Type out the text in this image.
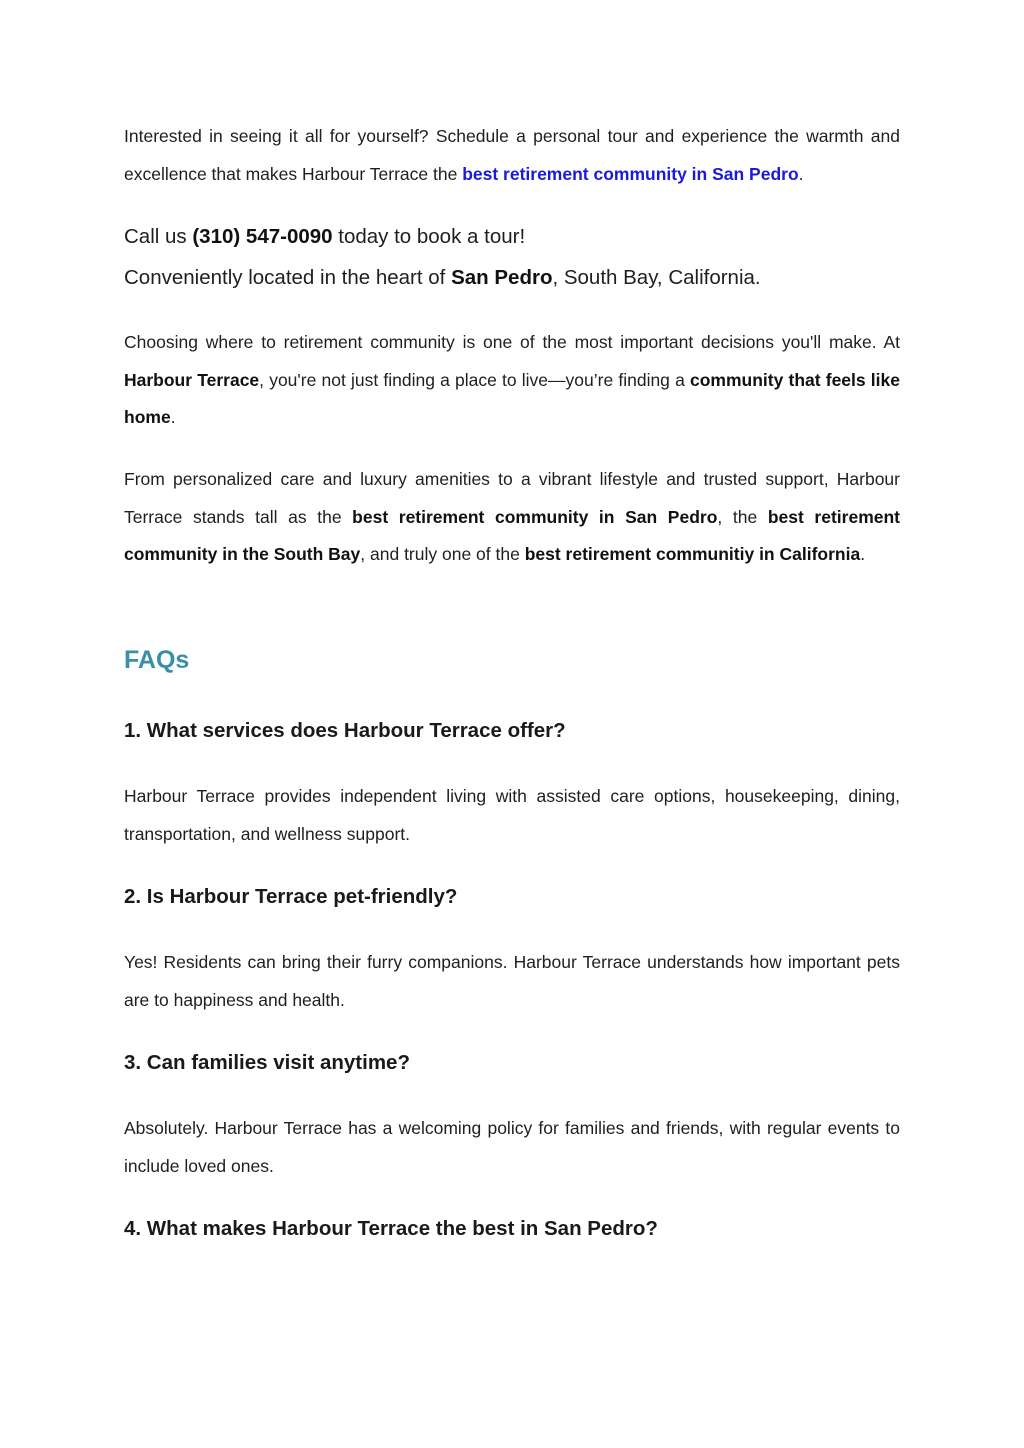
Interested in seeing it all for yourself? Schedule a personal tour and experience the warmth and excellence that makes Harbour Terrace the best retirement community in San Pedro.

Call us (310) 547-0090 today to book a tour!

Conveniently located in the heart of San Pedro, South Bay, California.

Choosing where to retirement community is one of the most important decisions you'll make. At Harbour Terrace, you're not just finding a place to live—you’re finding a community that feels like home.

From personalized care and luxury amenities to a vibrant lifestyle and trusted support, Harbour Terrace stands tall as the best retirement community in San Pedro, the best retirement community in the South Bay, and truly one of the best retirement communitiy in California.

FAQs
1. What services does Harbour Terrace offer?

Harbour Terrace provides independent living with assisted care options, housekeeping, dining, transportation, and wellness support.

2. Is Harbour Terrace pet-friendly?

Yes! Residents can bring their furry companions. Harbour Terrace understands how important pets are to happiness and health.

3. Can families visit anytime?

Absolutely. Harbour Terrace has a welcoming policy for families and friends, with regular events to include loved ones.

4. What makes Harbour Terrace the best in San Pedro?
